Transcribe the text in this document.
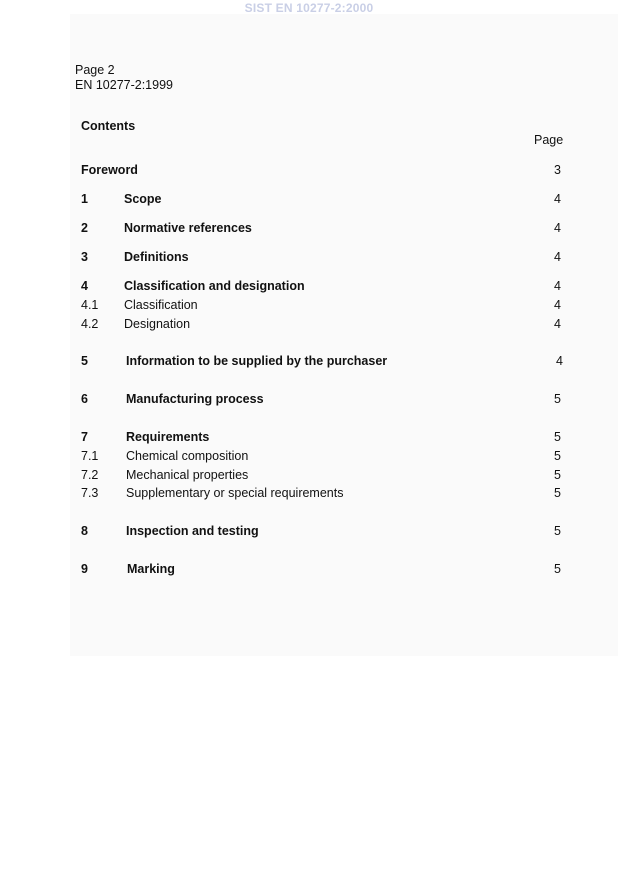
SIST EN 10277-2:2000
Page 2
EN 10277-2:1999
Contents
Page
Foreword	3
1	Scope	4
2	Normative references	4
3	Definitions	4
4	Classification and designation	4
4.1 Classification	4
4.2 Designation	4
5	Information to be supplied by the purchaser	4
6	Manufacturing process	5
7	Requirements	5
7.1 Chemical composition	5
7.2 Mechanical properties	5
7.3 Supplementary or special requirements	5
8	Inspection and testing	5
9	Marking	5
